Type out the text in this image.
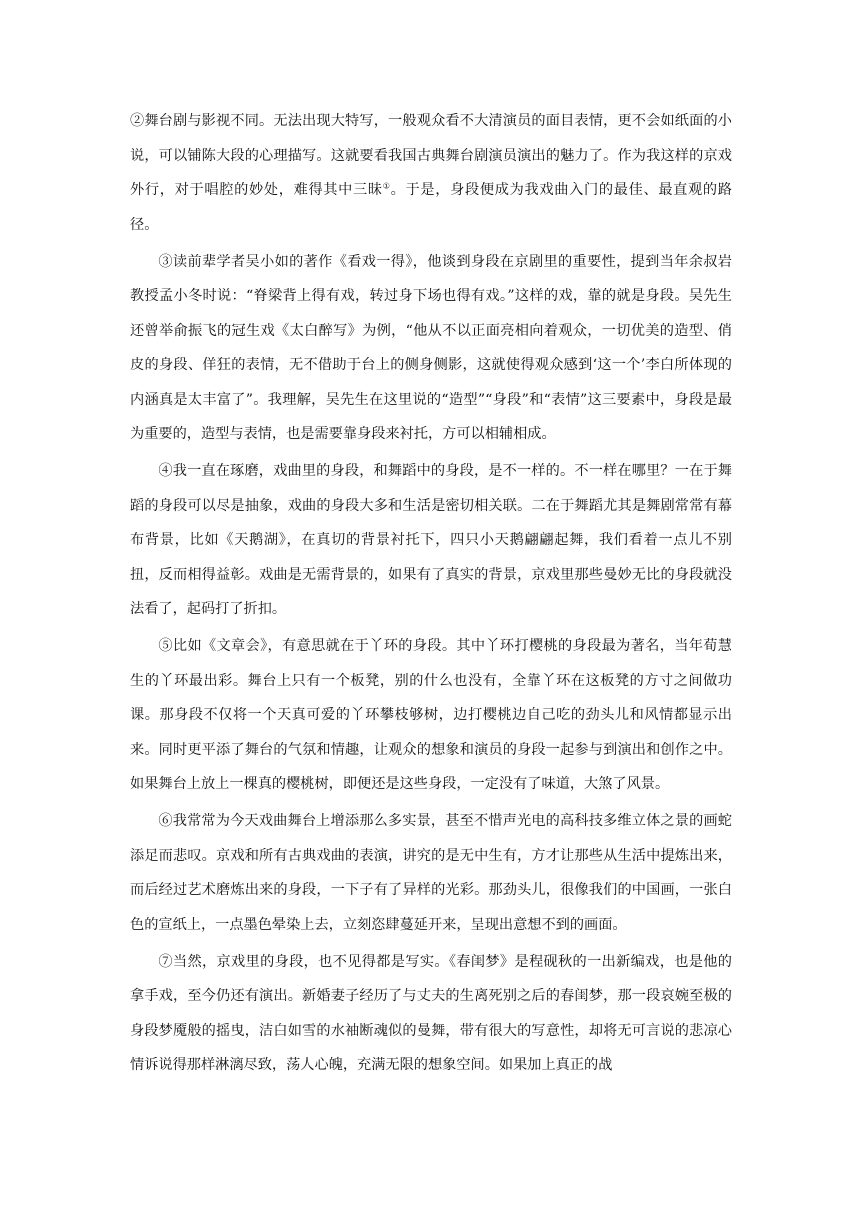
②舞台剧与影视不同。无法出现大特写，一般观众看不大清演员的面目表情，更不会如纸面的小说，可以铺陈大段的心理描写。这就要看我国古典舞台剧演员演出的魅力了。作为我这样的京戏外行，对于唱腔的妙处，难得其中三昧①。于是，身段便成为我戏曲入门的最佳、最直观的路径。

③读前辈学者吴小如的著作《看戏一得》，他谈到身段在京剧里的重要性，提到当年余叔岩教授孟小冬时说：“脊梁背上得有戏，转过身下场也得有戏。”这样的戏，靠的就是身段。吴先生还曾举俞振飞的冠生戏《太白醉写》为例，“他从不以正面亮相向着观众，一切优美的造型、俏皮的身段、佯狂的表情，无不借助于台上的侧身侧影，这就使得观众感到‘这一个’李白所体现的内涵真是太丰富了”。我理解，吴先生在这里说的“造型”“身段”和“表情”这三要素中，身段是最为重要的，造型与表情，也是需要靠身段来衬托，方可以相辅相成。

④我一直在琢磨，戏曲里的身段，和舞蹈中的身段，是不一样的。不一样在哪里？一在于舞蹈的身段可以尽是抽象，戏曲的身段大多和生活是密切相关联。二在于舞蹈尤其是舞剧常常有幕布背景，比如《天鹅湖》，在真切的背景衬托下，四只小天鹅翩翩起舞，我们看着一点儿不别扭，反而相得益彰。戏曲是无需背景的，如果有了真实的背景，京戏里那些曼妙无比的身段就没法看了，起码打了折扣。

⑤比如《文章会》，有意思就在于丫环的身段。其中丫环打樱桃的身段最为著名，当年荀慧生的丫环最出彩。舞台上只有一个板凳，别的什么也没有，全靠丫环在这板凳的方寸之间做功课。那身段不仅将一个天真可爱的丫环攀枝够树，边打樱桃边自己吃的劲头儿和风情都显示出来。同时更平添了舞台的气氛和情趣，让观众的想象和演员的身段一起参与到演出和创作之中。如果舞台上放上一棵真的樱桃树，即便还是这些身段，一定没有了味道，大煞了风景。

⑥我常常为今天戏曲舞台上增添那么多实景，甚至不惜声光电的高科技多维立体之景的画蛇添足而悲叹。京戏和所有古典戏曲的表演，讲究的是无中生有，方才让那些从生活中提炼出来，而后经过艺术磨炼出来的身段，一下子有了异样的光彩。那劲头儿，很像我们的中国画，一张白色的宣纸上，一点墨色晕染上去，立刻恣肆蔓延开来，呈现出意想不到的画面。

⑦当然，京戏里的身段，也不见得都是写实。《春闺梦》是程砚秋的一出新编戏，也是他的拿手戏，至今仍还有演出。新婚妻子经历了与丈夫的生离死别之后的春闺梦，那一段哀婉至极的身段梦魇般的摇曳，洁白如雪的水袖断魂似的曼舞，带有很大的写意性，却将无可言说的悲凉心情诉说得那样淋漓尽致，荡人心魄，充满无限的想象空间。如果加上真正的战
